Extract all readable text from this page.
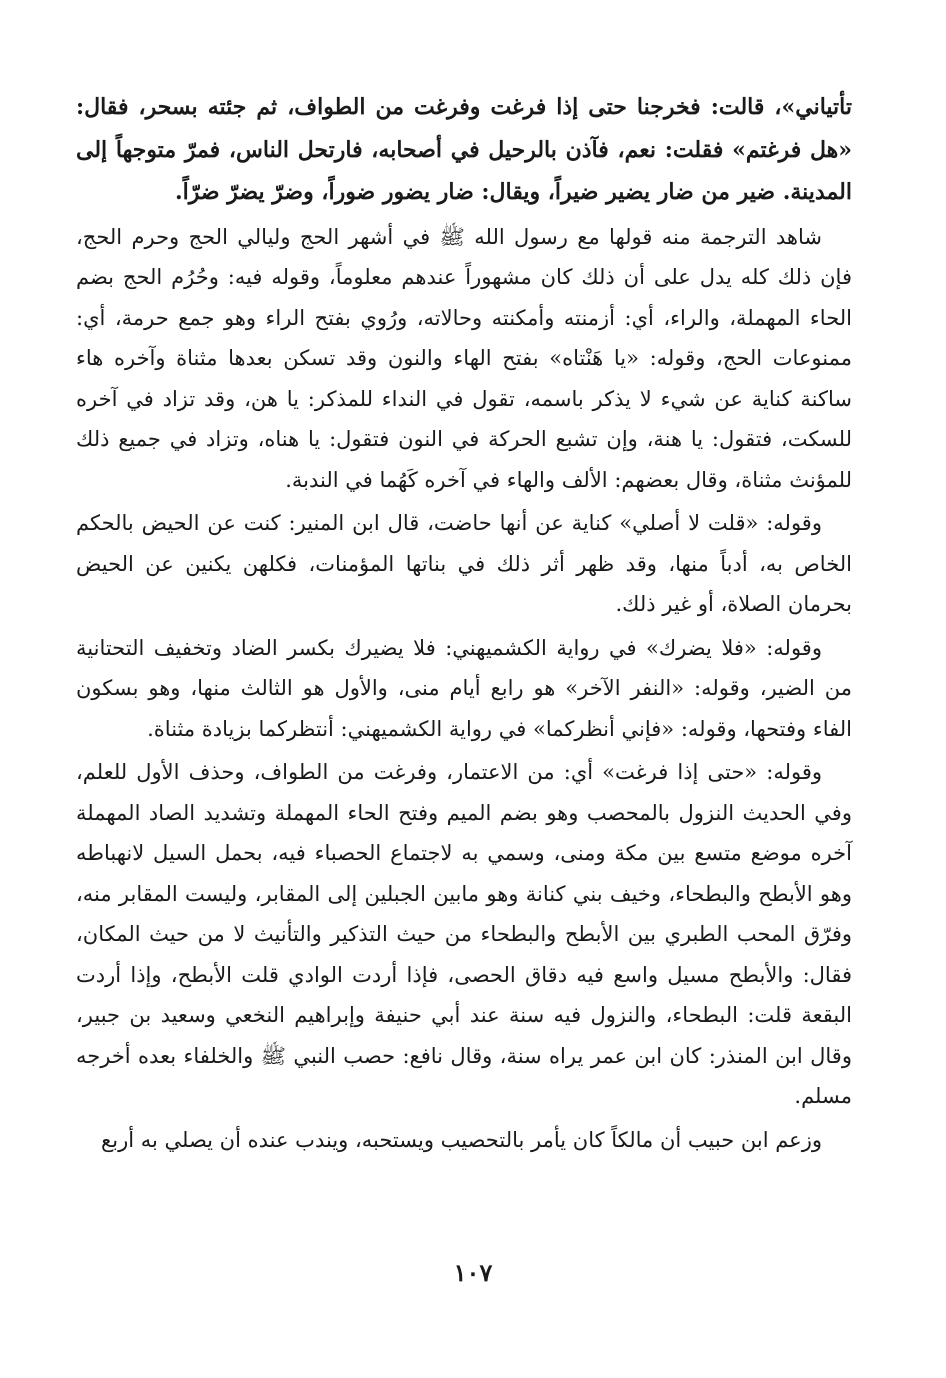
تأتياني»، قالت: فخرجنا حتى إذا فرغت وفرغت من الطواف، ثم جئته بسحر، فقال: «هل فرغتم» فقلت: نعم، فآذن بالرحيل في أصحابه، فارتحل الناس، فمرّ متوجهاً إلى المدينة. ضير من ضار يضير ضيراً، ويقال: ضار يضور ضوراً، وضرّ يضرّ ضرّاً.

شاهد الترجمة منه قولها مع رسول الله ﷺ في أشهر الحج وليالي الحج وحرم الحج، فإن ذلك كله يدل على أن ذلك كان مشهوراً عندهم معلوماً، وقوله فيه: وحُرُم الحج بضم الحاء المهملة، والراء، أي: أزمنته وأمكنته وحالاته، ورُوي بفتح الراء وهو جمع حرمة، أي: ممنوعات الحج، وقوله: «يا هَنْتاه» بفتح الهاء والنون وقد تسكن بعدها مثناة وآخره هاء ساكنة كناية عن شيء لا يذكر باسمه، تقول في النداء للمذكر: يا هن، وقد تزاد في آخره للسكت، فتقول: يا هنة، وإن تشبع الحركة في النون فتقول: يا هناه، وتزاد في جميع ذلك للمؤنث مثناة، وقال بعضهم: الألف والهاء في آخره كَهُما في الندبة.

وقوله: «قلت لا أصلي» كناية عن أنها حاضت، قال ابن المنير: كنت عن الحيض بالحكم الخاص به، أدباً منها، وقد ظهر أثر ذلك في بناتها المؤمنات، فكلهن يكنين عن الحيض بحرمان الصلاة، أو غير ذلك.

وقوله: «فلا يضرك» في رواية الكشميهني: فلا يضيرك بكسر الضاد وتخفيف التحتانية من الضير، وقوله: «النفر الآخر» هو رابع أيام منى، والأول هو الثالث منها، وهو بسكون الفاء وفتحها، وقوله: «فإني أنظركما» في رواية الكشميهني: أنتظركما بزيادة مثناة.

وقوله: «حتى إذا فرغت» أي: من الاعتمار، وفرغت من الطواف، وحذف الأول للعلم، وفي الحديث النزول بالمحصب وهو بضم الميم وفتح الحاء المهملة وتشديد الصاد المهملة آخره موضع متسع بين مكة ومنى، وسمي به لاجتماع الحصباء فيه، بحمل السيل لانهباطه وهو الأبطح والبطحاء، وخيف بني كنانة وهو مابين الجبلين إلى المقابر، وليست المقابر منه، وفرّق المحب الطبري بين الأبطح والبطحاء من حيث التذكير والتأنيث لا من حيث المكان، فقال: والأبطح مسيل واسع فيه دقاق الحصى، فإذا أردت الوادي قلت الأبطح، وإذا أردت البقعة قلت: البطحاء، والنزول فيه سنة عند أبي حنيفة وإبراهيم النخعي وسعيد بن جبير، وقال ابن المنذر: كان ابن عمر يراه سنة، وقال نافع: حصب النبي ﷺ والخلفاء بعده أخرجه مسلم.

وزعم ابن حبيب أن مالكاً كان يأمر بالتحصيب ويستحبه، ويندب عنده أن يصلي به أربع

١٠٧
